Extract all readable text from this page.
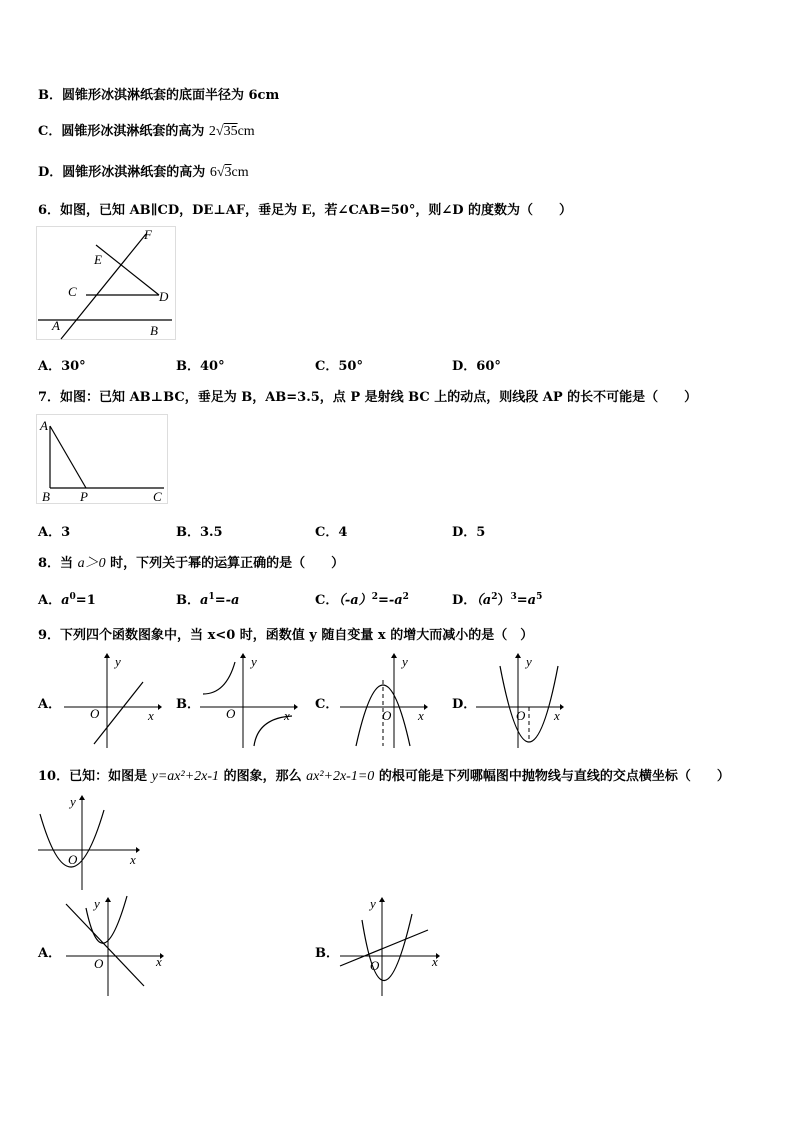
B．圆锥形冰淇淋纸套的底面半径为 6cm
C．圆锥形冰淇淋纸套的高为 2√35cm
D．圆锥形冰淇淋纸套的高为 6√3cm
6．如图，已知 AB∥CD，DE⊥AF，垂足为 E，若∠CAB=50°，则∠D 的度数为（　　）
F
E
C	D
A	B
A．30°	B．40°	C．50°	D．60°
7．如图：已知 AB⊥BC，垂足为 B，AB=3.5，点 P 是射线 BC 上的动点，则线段 AP 的长不可能是（　　）
A
B P	C
A．3	B．3.5	C．4	D．5
8．当 a＞0 时，下列关于幂的运算正确的是（　　）
A．$a^0=1$	B．$a^1=-a$	C．$(-a)^2=-a^2$	D．$(a^2)^3=a^5$
9．下列四个函数图象中，当 x<0 时，函数值 y 随自变量 x 的增大而减小的是（　）
A．
y
x
O
B．
y
x
O
C．
y
x
O
D．
y
x
O
10．已知：如图是 y=ax²+2x-1 的图象，那么 ax²+2x-1=0 的根可能是下列哪幅图中抛物线与直线的交点横坐标（　　）
y
x
O
A．
y
x
O
B．
y
x
O
